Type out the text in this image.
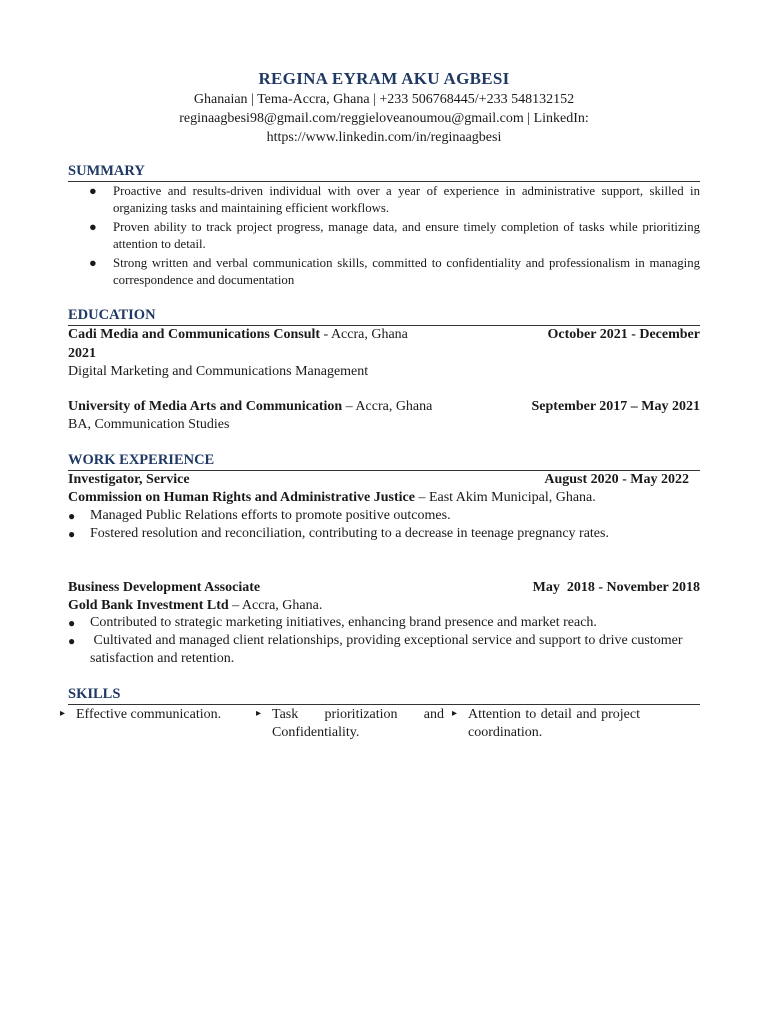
REGINA EYRAM AKU AGBESI
Ghanaian | Tema-Accra, Ghana | +233 506768445/+233 548132152
reginaagbesi98@gmail.com/reggieloveanoumou@gmail.com | LinkedIn:
https://www.linkedin.com/in/reginaagbesi
SUMMARY
● Proactive and results-driven individual with over a year of experience in administrative support, skilled in organizing tasks and maintaining efficient workflows.
● Proven ability to track project progress, manage data, and ensure timely completion of tasks while prioritizing attention to detail.
● Strong written and verbal communication skills, committed to confidentiality and professionalism in managing correspondence and documentation
EDUCATION
Cadi Media and Communications Consult - Accra, Ghana	October 2021 - December
2021
Digital Marketing and Communications Management
University of Media Arts and Communication – Accra, Ghana	September 2017 – May 2021
BA, Communication Studies
WORK EXPERIENCE
Investigator, Service	August 2020 - May 2022
Commission on Human Rights and Administrative Justice – East Akim Municipal, Ghana.
● Managed Public Relations efforts to promote positive outcomes.
● Fostered resolution and reconciliation, contributing to a decrease in teenage pregnancy rates.
Business Development Associate	May  2018 - November 2018
Gold Bank Investment Ltd – Accra, Ghana.
● Contributed to strategic marketing initiatives, enhancing brand presence and market reach.
● Cultivated and managed client relationships, providing exceptional service and support to drive customer satisfaction and retention.
SKILLS
▸ Effective communication.	▸ Task prioritization and Confidentiality.
▸ Attention to detail and project coordination.
